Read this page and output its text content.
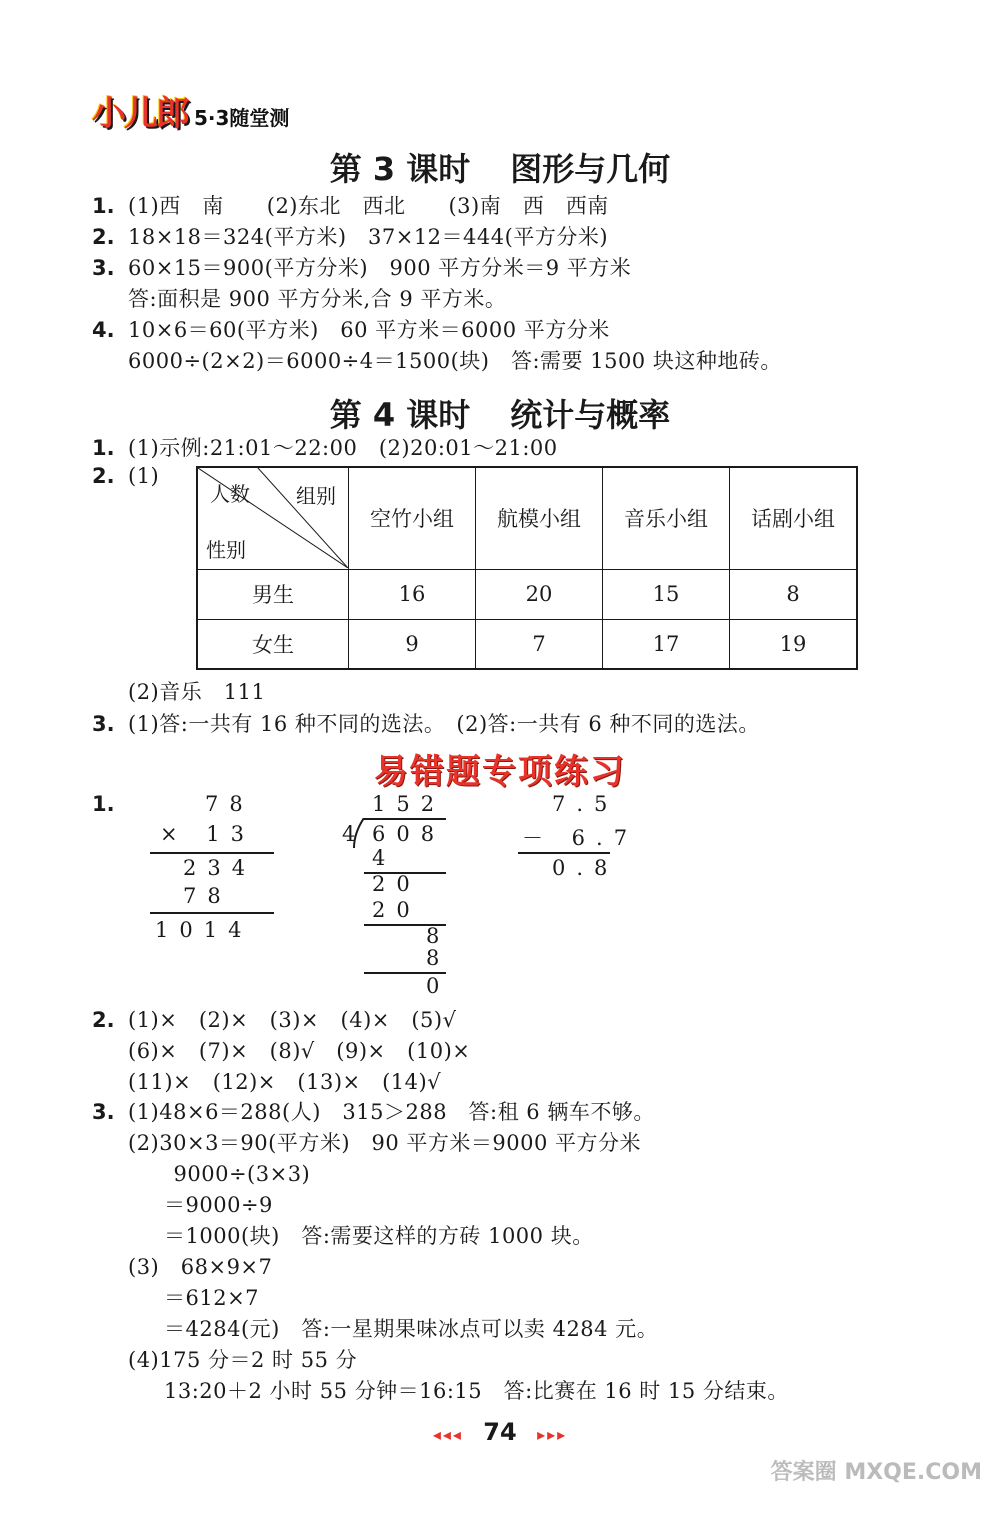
小儿郎 5·3随堂测
第 3 课时 图形与几何
1. (1)西　南　　(2)东北　西北　　(3)南　西　西南
2. 18×18＝324(平方米)　37×12＝444(平方分米)
3. 60×15＝900(平方分米)　900 平方分米＝9 平方米
答:面积是 900 平方分米,合 9 平方米。
4. 10×6＝60(平方米)　60 平方米＝6000 平方分米
6000÷(2×2)＝6000÷4＝1500(块)　答:需要 1500 块这种地砖。
第 4 课时 统计与概率
1. (1)示例:21:01～22:00　(2)20:01～21:00
2. (1)
人数 组别
性别	空竹小组	航模小组	音乐小组	话剧小组
男生	16	20	15	8
女生	9	7	17	19
(2)音乐　111
3. (1)答:一共有 16 种不同的选法。　(2)答:一共有 6 种不同的选法。
易错题专项练习
1.	78
× 13
234
78
1014
152
4 608
4
20
20
8
8
0
7.5
－ 6.7
0.8
2. (1)×　(2)×　(3)×　(4)×　(5)√
(6)×　(7)×　(8)√　(9)×　(10)×
(11)×　(12)×　(13)×　(14)√
3. (1)48×6＝288(人)　315＞288　答:租 6 辆车不够。
(2)30×3＝90(平方米)　90 平方米＝9000 平方分米
　9000÷(3×3)
＝9000÷9
＝1000(块)　答:需要这样的方砖 1000 块。
(3)　68×9×7
＝612×7
＝4284(元)　答:一星期果味冰点可以卖 4284 元。
(4)175 分＝2 时 55 分
13:20＋2 小时 55 分钟＝16:15　答:比赛在 16 时 15 分结束。
◂◂◂ 74 ▸▸▸
答案圈 MXQE.COM
